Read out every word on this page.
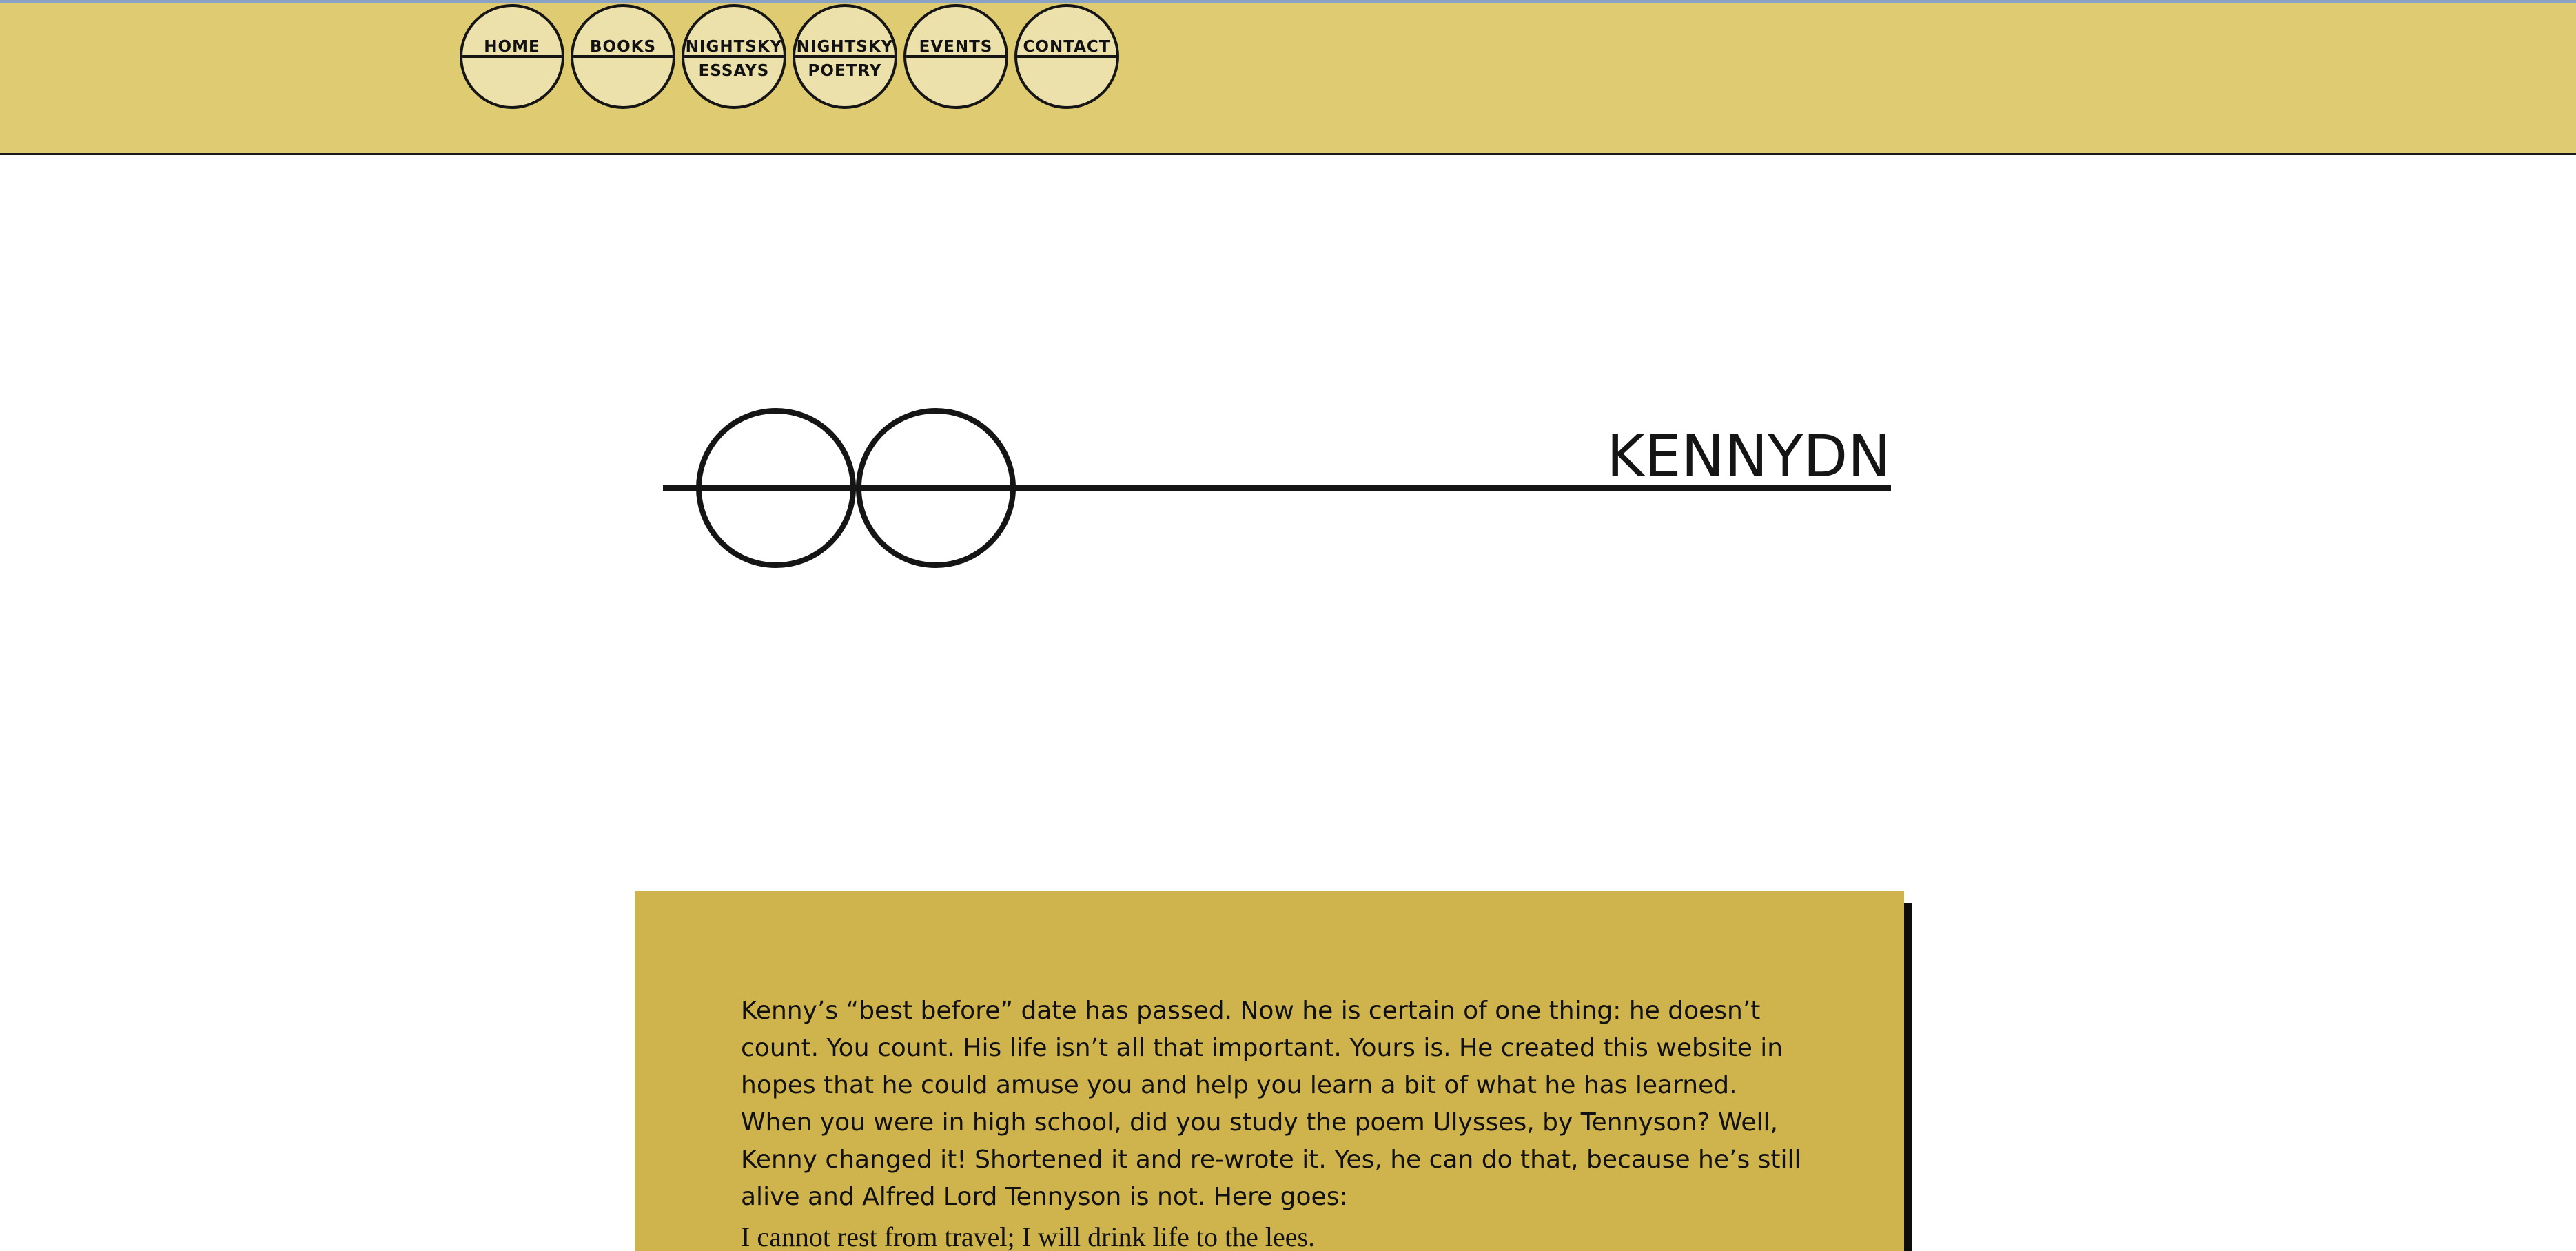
HOME	BOOKS	NIGHTSKY
ESSAYS
NIGHTSKY
POETRY
EVENTS	CONTACT
KENNYDN

Kenny’s “best before” date has passed. Now he is certain of one thing: he doesn’t count. You count. His life isn’t all that important. Yours is. He created this website in hopes that he could amuse you and help you learn a bit of what he has learned. When you were in high school, did you study the poem Ulysses, by Tennyson? Well, Kenny changed it! Shortened it and re-wrote it. Yes, he can do that, because he’s still alive and Alfred Lord Tennyson is not. Here goes:

I cannot rest from travel; I will drink life to the lees.
